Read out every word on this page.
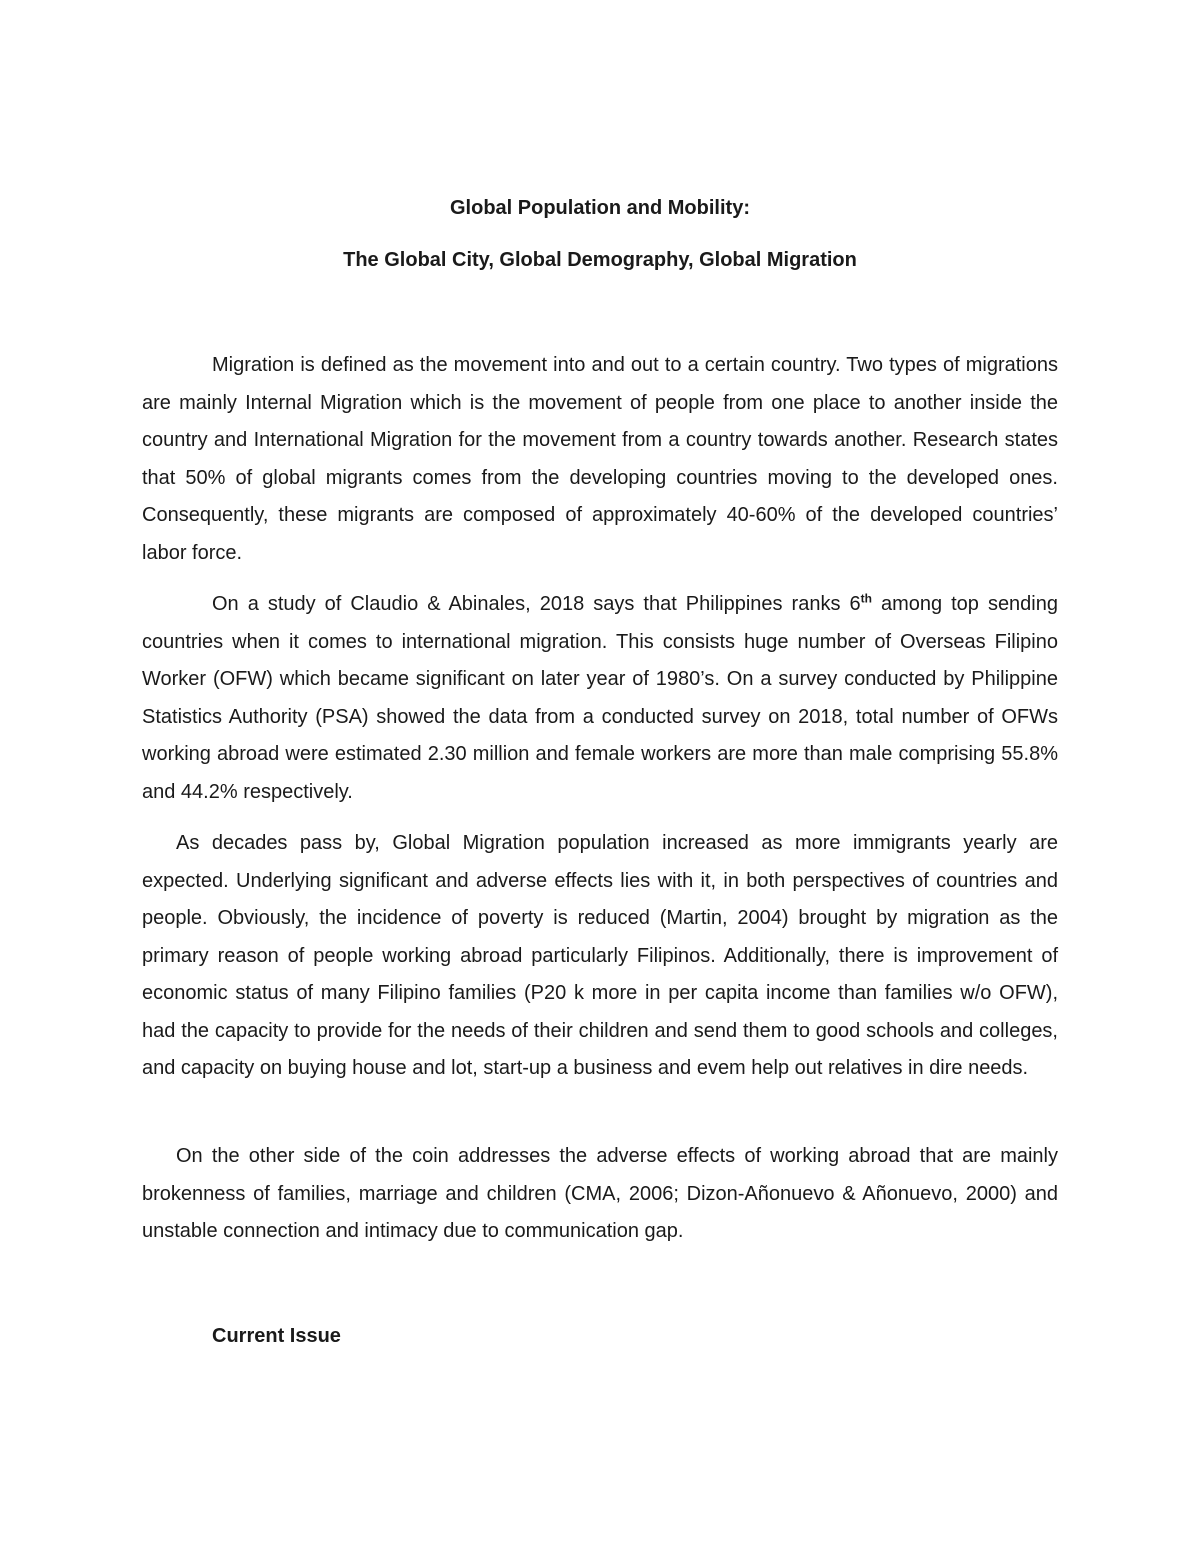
Global Population and Mobility:
The Global City, Global Demography, Global Migration

Migration is defined as the movement into and out to a certain country. Two types of migrations are mainly Internal Migration which is the movement of people from one place to another inside the country and International Migration for the movement from a country towards another. Research states that 50% of global migrants comes from the developing countries moving to the developed ones. Consequently, these migrants are composed of approximately 40-60% of the developed countries’ labor force.

On a study of Claudio & Abinales, 2018 says that Philippines ranks 6th among top sending countries when it comes to international migration. This consists huge number of Overseas Filipino Worker (OFW) which became significant on later year of 1980’s. On a survey conducted by Philippine Statistics Authority (PSA) showed the data from a conducted survey on 2018, total number of OFWs working abroad were estimated 2.30 million and female workers are more than male comprising 55.8% and 44.2% respectively.

As decades pass by, Global Migration population increased as more immigrants yearly are expected. Underlying significant and adverse effects lies with it, in both perspectives of countries and people. Obviously, the incidence of poverty is reduced (Martin, 2004) brought by migration as the primary reason of people working abroad particularly Filipinos. Additionally, there is improvement of economic status of many Filipino families (P20 k more in per capita income than families w/o OFW), had the capacity to provide for the needs of their children and send them to good schools and colleges, and capacity on buying house and lot, start-up a business and evem help out relatives in dire needs.

On the other side of the coin addresses the adverse effects of working abroad that are mainly brokenness of families, marriage and children (CMA, 2006; Dizon-Añonuevo & Añonuevo, 2000) and unstable connection and intimacy due to communication gap.

Current Issue
